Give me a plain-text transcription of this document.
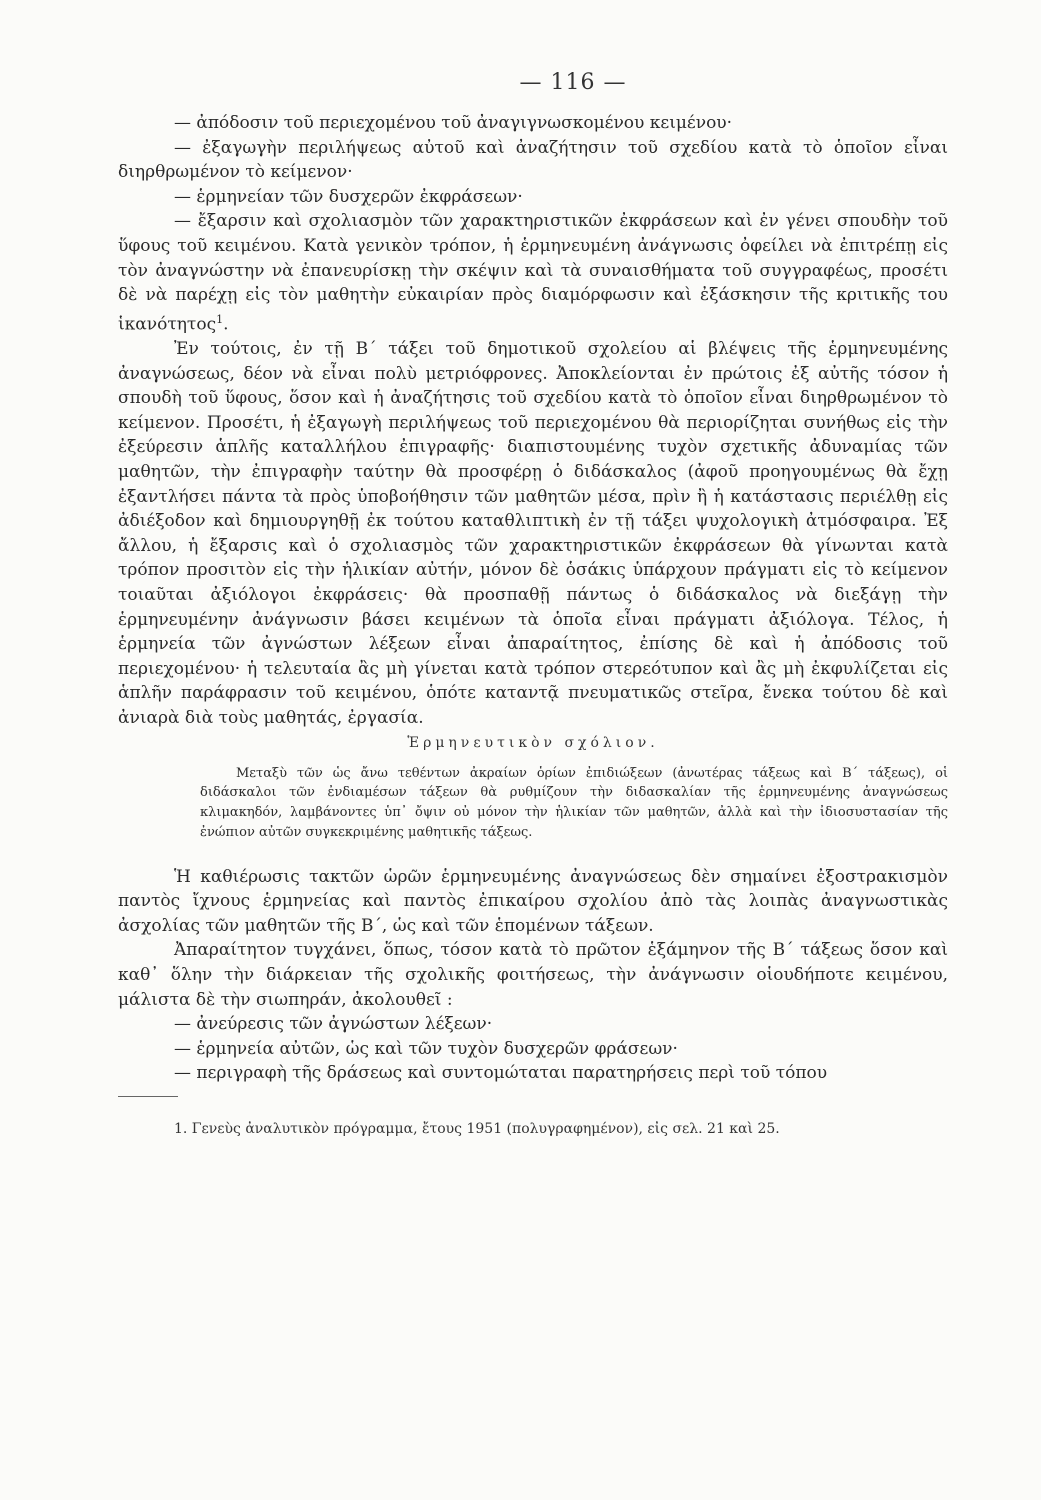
— 116 —

— ἀπόδοσιν τοῦ περιεχομένου τοῦ ἀναγιγνωσκομένου κειμένου·

— ἐξαγωγὴν περιλήψεως αὐτοῦ καὶ ἀναζήτησιν τοῦ σχεδίου κατὰ τὸ ὁποῖον εἶναι διηρθρωμένον τὸ κείμενον·

— ἑρμηνείαν τῶν δυσχερῶν ἐκφράσεων·

— ἔξαρσιν καὶ σχολιασμὸν τῶν χαρακτηριστικῶν ἐκφράσεων καὶ ἐν γένει σπουδὴν τοῦ ὕφους τοῦ κειμένου. Κατὰ γενικὸν τρόπον, ἡ ἑρμηνευμένη ἀνάγνωσις ὀφείλει νὰ ἐπιτρέπῃ εἰς τὸν ἀναγνώστην νὰ ἐπανευρίσκῃ τὴν σκέψιν καὶ τὰ συναισθήματα τοῦ συγγραφέως, προσέτι δὲ νὰ παρέχῃ εἰς τὸν μαθητὴν εὐκαιρίαν πρὸς διαμόρφωσιν καὶ ἐξάσκησιν τῆς κριτικῆς του ἱκανότητος$^1$.

Ἐν τούτοις, ἐν τῇ Β΄ τάξει τοῦ δημοτικοῦ σχολείου αἱ βλέψεις τῆς ἑρμηνευμένης ἀναγνώσεως, δέον νὰ εἶναι πολὺ μετριόφρονες. Ἀποκλείονται ἐν πρώτοις ἐξ αὐτῆς τόσον ἡ σπουδὴ τοῦ ὕφους, ὅσον καὶ ἡ ἀναζήτησις τοῦ σχεδίου κατὰ τὸ ὁποῖον εἶναι διηρθρωμένον τὸ κείμενον. Προσέτι, ἡ ἐξαγωγὴ περιλήψεως τοῦ περιεχομένου θὰ περιορίζηται συνήθως εἰς τὴν ἐξεύρεσιν ἁπλῆς καταλλήλου ἐπιγραφῆς· διαπιστουμένης τυχὸν σχετικῆς ἀδυναμίας τῶν μαθητῶν, τὴν ἐπιγραφὴν ταύτην θὰ προσφέρῃ ὁ διδάσκαλος (ἀφοῦ προηγουμένως θὰ ἔχῃ ἐξαντλήσει πάντα τὰ πρὸς ὑποβοήθησιν τῶν μαθητῶν μέσα, πρὶν ἢ ἡ κατάστασις περιέλθῃ εἰς ἀδιέξοδον καὶ δημιουργηθῇ ἐκ τούτου καταθλιπτικὴ ἐν τῇ τάξει ψυχολογικὴ ἀτμόσφαιρα. Ἐξ ἄλλου, ἡ ἔξαρσις καὶ ὁ σχολιασμὸς τῶν χαρακτηριστικῶν ἐκφράσεων θὰ γίνωνται κατὰ τρόπον προσιτὸν εἰς τὴν ἡλικίαν αὐτήν, μόνον δὲ ὁσάκις ὑπάρχουν πράγματι εἰς τὸ κείμενον τοιαῦται ἀξιόλογοι ἐκφράσεις· θὰ προσπαθῇ πάντως ὁ διδάσκαλος νὰ διεξάγῃ τὴν ἑρμηνευμένην ἀνάγνωσιν βάσει κειμένων τὰ ὁποῖα εἶναι πράγματι ἀξιόλογα. Τέλος, ἡ ἑρμηνεία τῶν ἀγνώστων λέξεων εἶναι ἀπαραίτητος, ἐπίσης δὲ καὶ ἡ ἀπόδοσις τοῦ περιεχομένου· ἡ τελευταία ἂς μὴ γίνεται κατὰ τρόπον στερεότυπον καὶ ἂς μὴ ἐκφυλίζεται εἰς ἁπλῆν παράφρασιν τοῦ κειμένου, ὁπότε καταντᾷ πνευματικῶς στεῖρα, ἔνεκα τούτου δὲ καὶ ἀνιαρὰ διὰ τοὺς μαθητάς, ἐργασία.

Ἑρμηνευτικὸν σχόλιον.

Μεταξὺ τῶν ὡς ἄνω τεθέντων ἀκραίων ὁρίων ἐπιδιώξεων (ἀνωτέρας τάξεως καὶ Β΄ τάξεως), οἱ διδάσκαλοι τῶν ἐνδιαμέσων τάξεων θὰ ρυθμίζουν τὴν διδασκαλίαν τῆς ἑρμηνευμένης ἀναγνώσεως κλιμακηδόν, λαμβάνοντες ὑπ᾽ ὄψιν οὐ μόνον τὴν ἡλικίαν τῶν μαθητῶν, ἀλλὰ καὶ τὴν ἰδιοσυστασίαν τῆς ἐνώπιον αὐτῶν συγκεκριμένης μαθητικῆς τάξεως.

Ἡ καθιέρωσις τακτῶν ὡρῶν ἑρμηνευμένης ἀναγνώσεως δὲν σημαίνει ἐξοστρακισμὸν παντὸς ἴχνους ἑρμηνείας καὶ παντὸς ἐπικαίρου σχολίου ἀπὸ τὰς λοιπὰς ἀναγνωστικὰς ἀσχολίας τῶν μαθητῶν τῆς Β΄, ὡς καὶ τῶν ἑπομένων τάξεων.

Ἀπαραίτητον τυγχάνει, ὅπως, τόσον κατὰ τὸ πρῶτον ἑξάμηνον τῆς Β΄ τάξεως ὅσον καὶ καθ᾽ ὅλην τὴν διάρκειαν τῆς σχολικῆς φοιτήσεως, τὴν ἀνάγνωσιν οἱουδήποτε κειμένου, μάλιστα δὲ τὴν σιωπηράν, ἀκολουθεῖ :

— ἀνεύρεσις τῶν ἀγνώστων λέξεων·

— ἑρμηνεία αὐτῶν, ὡς καὶ τῶν τυχὸν δυσχερῶν φράσεων·

— περιγραφὴ τῆς δράσεως καὶ συντομώταται παρατηρήσεις περὶ τοῦ τόπου

1. Γενεὺς ἀναλυτικὸν πρόγραμμα, ἔτους 1951 (πολυγραφημένον), εἰς σελ. 21 καὶ 25.
